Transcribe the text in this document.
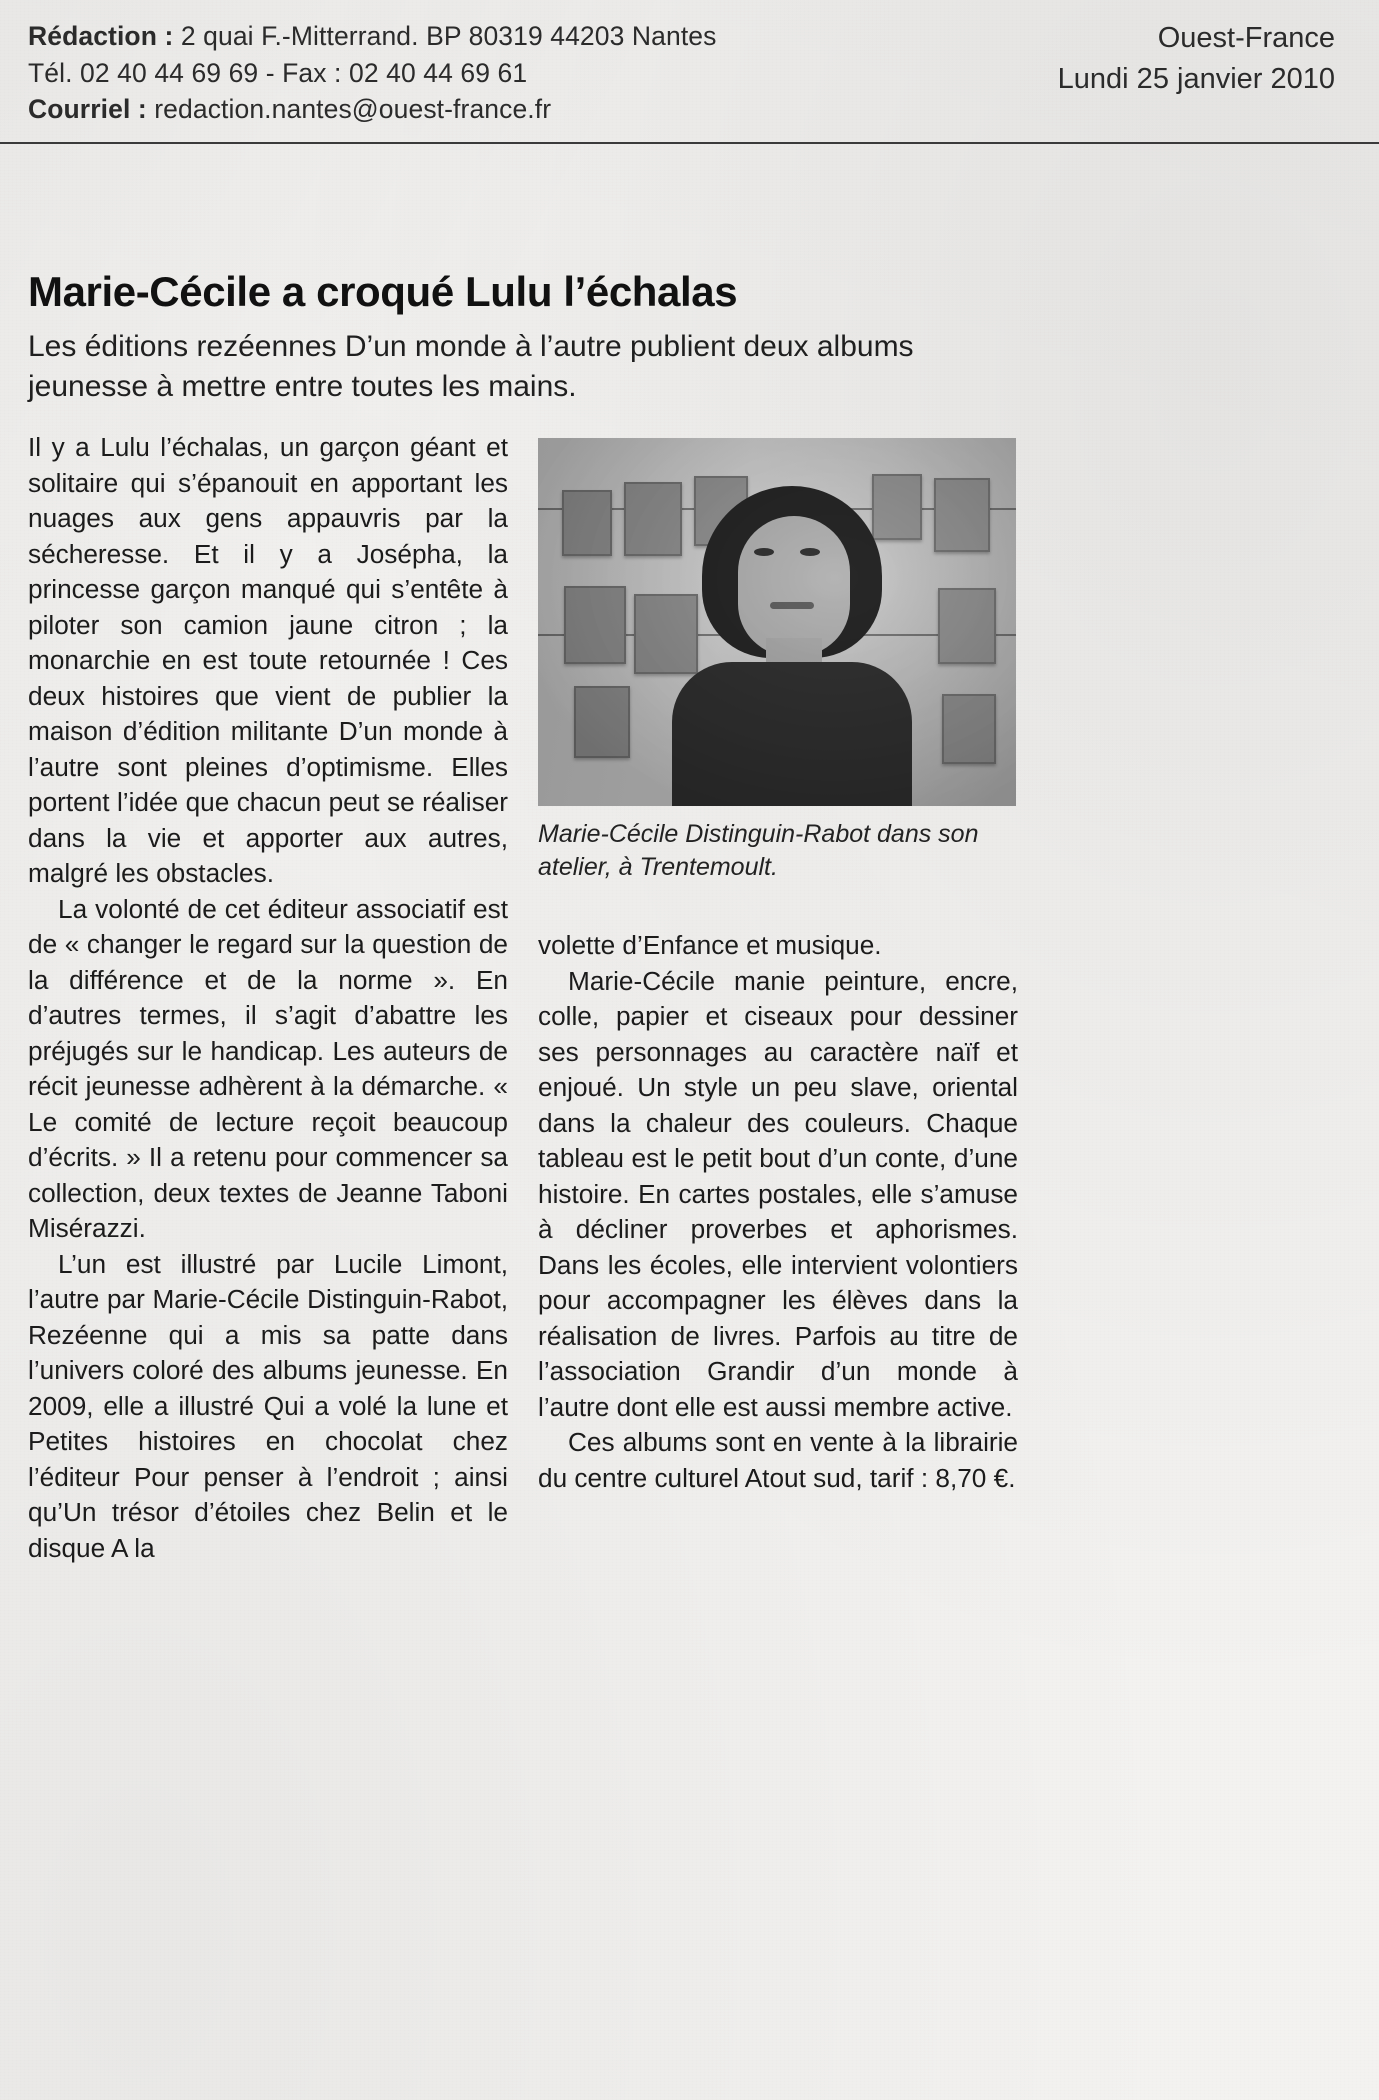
Rédaction : 2 quai F.-Mitterrand. BP 80319 44203 Nantes
Tél. 02 40 44 69 69 - Fax : 02 40 44 69 61
Courriel : redaction.nantes@ouest-france.fr
Ouest-France
Lundi 25 janvier 2010
Marie-Cécile a croqué Lulu l’échalas
Les éditions rezéennes D’un monde à l’autre publient deux albums jeunesse à mettre entre toutes les mains.

Il y a Lulu l’échalas, un garçon géant et solitaire qui s’épanouit en apportant les nuages aux gens appauvris par la sécheresse. Et il y a Josépha, la princesse garçon manqué qui s’entête à piloter son camion jaune citron ; la monarchie en est toute retournée ! Ces deux histoires que vient de publier la maison d’édition militante D’un monde à l’autre sont pleines d’optimisme. Elles portent l’idée que chacun peut se réaliser dans la vie et apporter aux autres, malgré les obstacles.

La volonté de cet éditeur associatif est de « changer le regard sur la question de la différence et de la norme ». En d’autres termes, il s’agit d’abattre les préjugés sur le handicap. Les auteurs de récit jeunesse adhèrent à la démarche. « Le comité de lecture reçoit beaucoup d’écrits. » Il a retenu pour commencer sa collection, deux textes de Jeanne Taboni Misérazzi.

L’un est illustré par Lucile Limont, l’autre par Marie-Cécile Distinguin-Rabot, Rezéenne qui a mis sa patte dans l’univers coloré des albums jeunesse. En 2009, elle a illustré Qui a volé la lune et Petites histoires en chocolat chez l’éditeur Pour penser à l’endroit ; ainsi qu’Un trésor d’étoiles chez Belin et le disque A la

Marie-Cécile Distinguin-Rabot dans son atelier, à Trentemoult.

volette d’Enfance et musique.

Marie-Cécile manie peinture, encre, colle, papier et ciseaux pour dessiner ses personnages au caractère naïf et enjoué. Un style un peu slave, oriental dans la chaleur des couleurs. Chaque tableau est le petit bout d’un conte, d’une histoire. En cartes postales, elle s’amuse à décliner proverbes et aphorismes. Dans les écoles, elle intervient volontiers pour accompagner les élèves dans la réalisation de livres. Parfois au titre de l’association Grandir d’un monde à l’autre dont elle est aussi membre active.

Ces albums sont en vente à la librairie du centre culturel Atout sud, tarif : 8,70 €.
